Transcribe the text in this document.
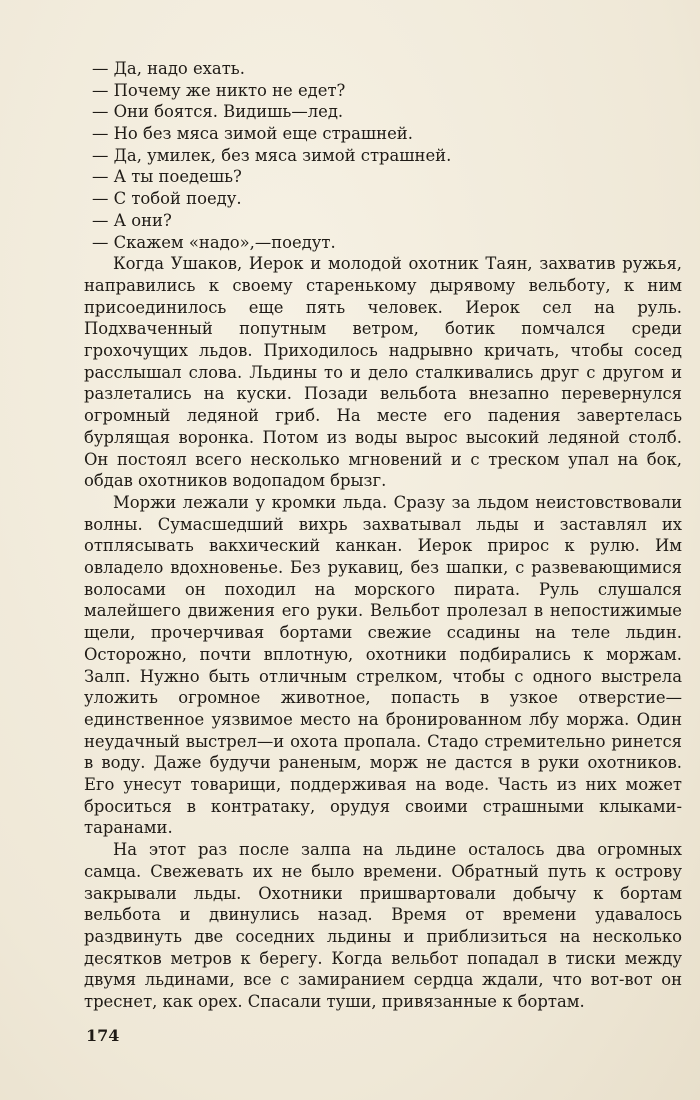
— Да, надо ехать.
— Почему же никто не едет?
— Они боятся. Видишь—лед.
— Но без мяса зимой еще страшней.
— Да, умилек, без мяса зимой страшней.
— А ты поедешь?
— С тобой поеду.
— А они?
— Скажем «надо»,—поедут.

Когда Ушаков, Иерок и молодой охотник Таян, захватив ружья, направились к своему старенькому дырявому вельботу, к ним присоединилось еще пять человек. Иерок сел на руль. Подхваченный попутным ветром, ботик помчался среди грохочущих льдов. Приходилось надрывно кричать, чтобы сосед расслышал слова. Льдины то и дело сталкивались друг с другом и разлетались на куски. Позади вельбота внезапно перевернулся огромный ледяной гриб. На месте его падения завертелась бурлящая воронка. Потом из воды вырос высокий ледяной столб. Он постоял всего несколько мгновений и с треском упал на бок, обдав охотников водопадом брызг.

Моржи лежали у кромки льда. Сразу за льдом неистовствовали волны. Сумасшедший вихрь захватывал льды и заставлял их отплясывать вакхический канкан. Иерок прирос к рулю. Им овладело вдохновенье. Без рукавиц, без шапки, с развевающимися волосами он походил на морского пирата. Руль слушался малейшего движения его руки. Вельбот пролезал в непостижимые щели, прочерчивая бортами свежие ссадины на теле льдин. Осторожно, почти вплотную, охотники подбирались к моржам. Залп. Нужно быть отличным стрелком, чтобы с одного выстрела уложить огромное животное, попасть в узкое отверстие—единственное уязвимое место на бронированном лбу моржа. Один неудачный выстрел—и охота пропала. Стадо стремительно ринется в воду. Даже будучи раненым, морж не дастся в руки охотников. Его унесут товарищи, поддерживая на воде. Часть из них может броситься в контратаку, орудуя своими страшными клыками-таранами.

На этот раз после залпа на льдине осталось два огромных самца. Свежевать их не было времени. Обратный путь к острову закрывали льды. Охотники пришвартовали добычу к бортам вельбота и двинулись назад. Время от времени удавалось раздвинуть две соседних льдины и приблизиться на несколько десятков метров к берегу. Когда вельбот попадал в тиски между двумя льдинами, все с замиранием сердца ждали, что вот-вот он треснет, как орех. Спасали туши, привязанные к бортам.

174
